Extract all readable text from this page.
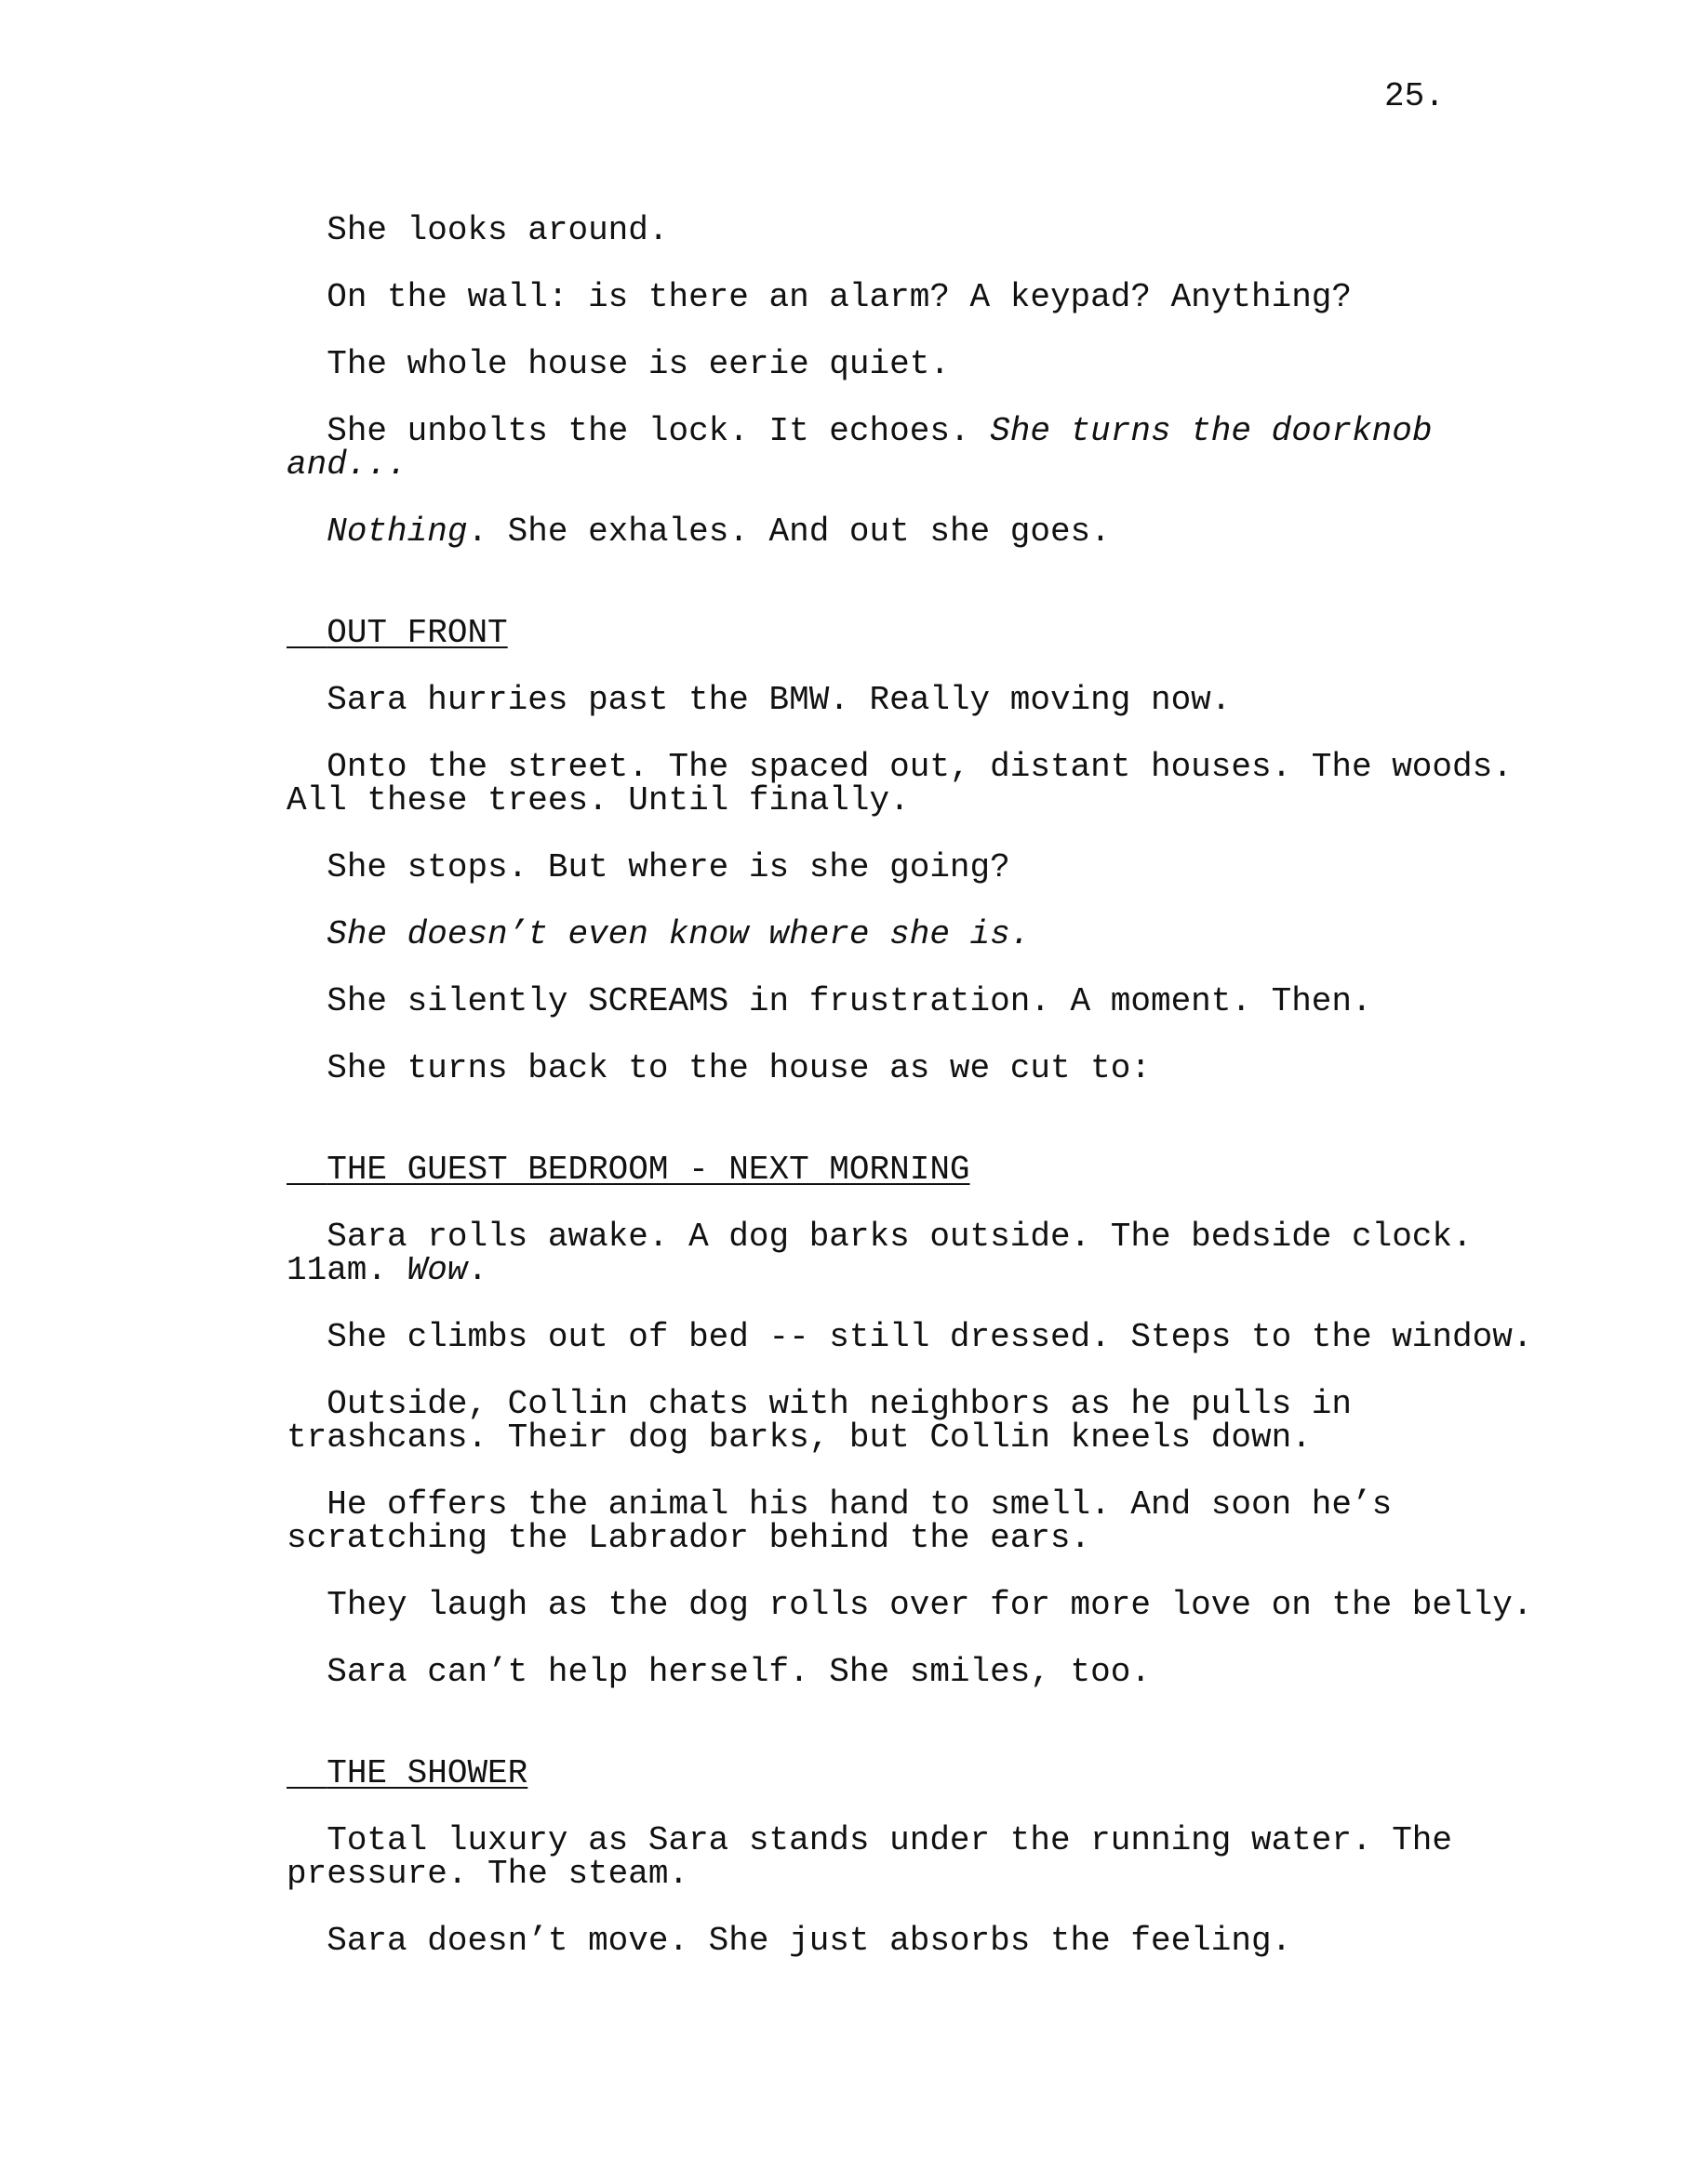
25.

She looks around.

On the wall: is there an alarm? A keypad? Anything?

The whole house is eerie quiet.

She unbolts the lock. It echoes. She turns the doorknob
and...

Nothing. She exhales. And out she goes.

OUT FRONT

Sara hurries past the BMW. Really moving now.

Onto the street. The spaced out, distant houses. The woods.
All these trees. Until finally.

She stops. But where is she going?

She doesn’t even know where she is.

She silently SCREAMS in frustration. A moment. Then.

She turns back to the house as we cut to:

THE GUEST BEDROOM - NEXT MORNING

Sara rolls awake. A dog barks outside. The bedside clock.
11am. Wow.

She climbs out of bed -- still dressed. Steps to the window.

Outside, Collin chats with neighbors as he pulls in
trashcans. Their dog barks, but Collin kneels down.

He offers the animal his hand to smell. And soon he’s
scratching the Labrador behind the ears.

They laugh as the dog rolls over for more love on the belly.

Sara can’t help herself. She smiles, too.

THE SHOWER

Total luxury as Sara stands under the running water. The
pressure. The steam.

Sara doesn’t move. She just absorbs the feeling.
